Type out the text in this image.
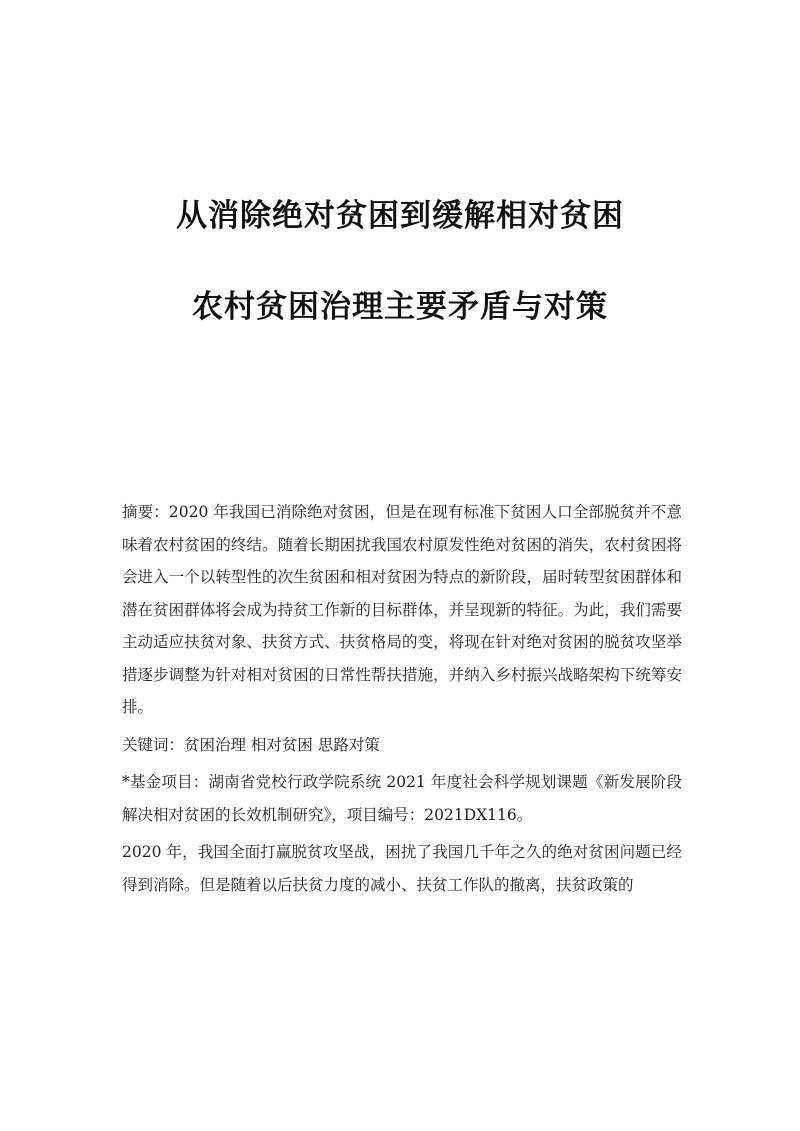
从消除绝对贫困到缓解相对贫困
农村贫困治理主要矛盾与对策

摘要：2020 年我国已消除绝对贫困，但是在现有标准下贫困人口全部脱贫并不意味着农村贫困的终结。随着长期困扰我国农村原发性绝对贫困的消失，农村贫困将会进入一个以转型性的次生贫困和相对贫困为特点的新阶段，届时转型贫困群体和潜在贫困群体将会成为持贫工作新的目标群体，并呈现新的特征。为此，我们需要主动适应扶贫对象、扶贫方式、扶贫格局的变，将现在针对绝对贫困的脱贫攻坚举措逐步调整为针对相对贫困的日常性帮扶措施，并纳入乡村振兴战略架构下统筹安排。

关键词：贫困治理 相对贫困 思路对策

*基金项目：湖南省党校行政学院系统 2021 年度社会科学规划课题《新发展阶段解决相对贫困的长效机制研究》，项目编号：2021DX116。

2020 年，我国全面打赢脱贫攻坚战，困扰了我国几千年之久的绝对贫困问题已经得到消除。但是随着以后扶贫力度的减小、扶贫工作队的撤离，扶贫政策的
